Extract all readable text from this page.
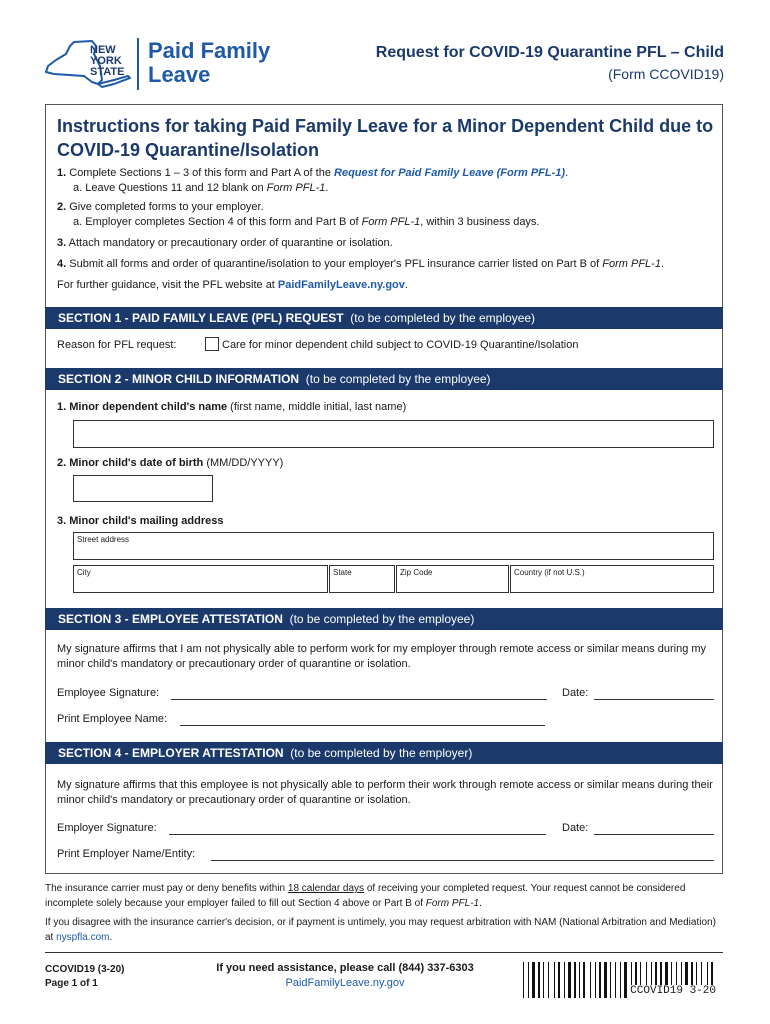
NEW
YORK
STATE
Paid Family
Leave
Request for COVID-19 Quarantine PFL – Child
(Form CCOVID19)
Instructions for taking Paid Family Leave for a Minor Dependent Child due to COVID-19 Quarantine/Isolation
1. Complete Sections 1 – 3 of this form and Part A of the Request for Paid Family Leave (Form PFL-1).
a. Leave Questions 11 and 12 blank on Form PFL-1.
2. Give completed forms to your employer.
a. Employer completes Section 4 of this form and Part B of Form PFL-1, within 3 business days.
3. Attach mandatory or precautionary order of quarantine or isolation.
4. Submit all forms and order of quarantine/isolation to your employer's PFL insurance carrier listed on Part B of Form PFL-1.
For further guidance, visit the PFL website at PaidFamilyLeave.ny.gov.
SECTION 1 - PAID FAMILY LEAVE (PFL) REQUEST (to be completed by the employee)
Reason for PFL request:	Care for minor dependent child subject to COVID-19 Quarantine/Isolation
SECTION 2 - MINOR CHILD INFORMATION (to be completed by the employee)
1. Minor dependent child's name (first name, middle initial, last name)
2. Minor child's date of birth (MM/DD/YYYY)
3. Minor child's mailing address
Street address
City	State	Zip Code	Country (if not U.S.)
SECTION 3 - EMPLOYEE ATTESTATION (to be completed by the employee)
My signature affirms that I am not physically able to perform work for my employer through remote access or similar means during my minor child's mandatory or precautionary order of quarantine or isolation.
Employee Signature:	Date:
Print Employee Name:
SECTION 4 - EMPLOYER ATTESTATION (to be completed by the employer)
My signature affirms that this employee is not physically able to perform their work through remote access or similar means during their minor child's mandatory or precautionary order of quarantine or isolation.
Employer Signature:	Date:
Print Employer Name/Entity:
The insurance carrier must pay or deny benefits within 18 calendar days of receiving your completed request. Your request cannot be considered incomplete solely because your employer failed to fill out Section 4 above or Part B of Form PFL-1.
If you disagree with the insurance carrier's decision, or if payment is untimely, you may request arbitration with NAM (National Arbitration and Mediation) at nyspfla.com.
CCOVID19 (3-20)
Page 1 of 1
If you need assistance, please call (844) 337-6303
PaidFamilyLeave.ny.gov
CCOVID19 3-20
